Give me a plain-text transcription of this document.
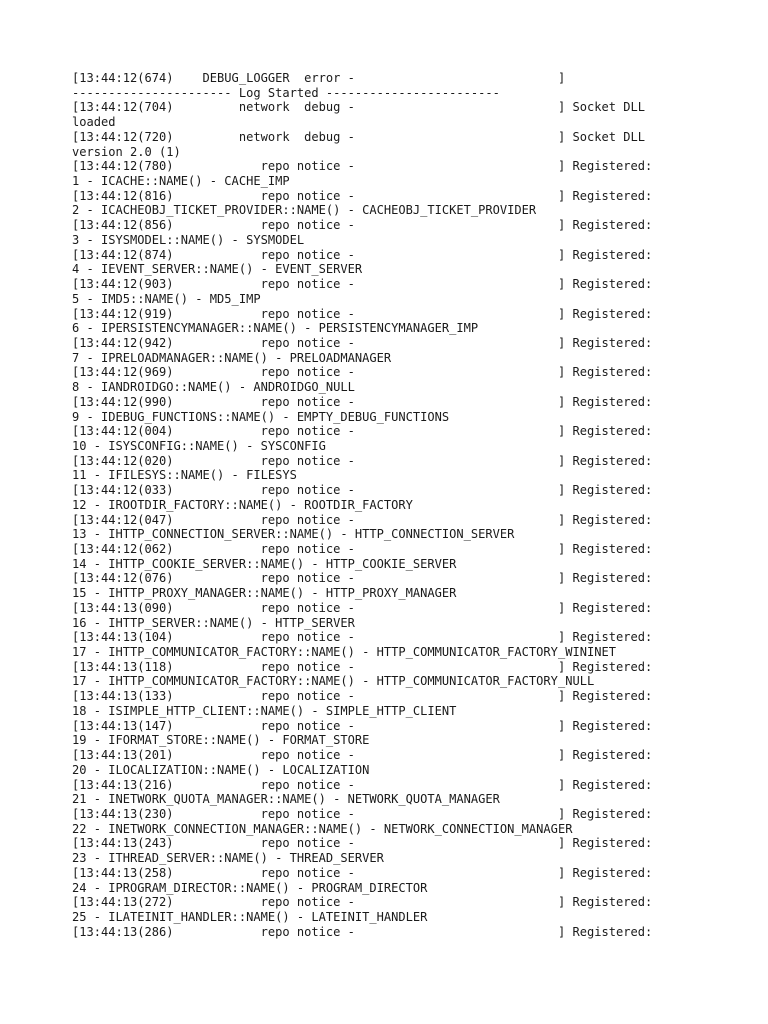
[13:44:12(674)    DEBUG_LOGGER  error -                            ]
---------------------- Log Started ------------------------
[13:44:12(704)         network  debug -                            ] Socket DLL
loaded
[13:44:12(720)         network  debug -                            ] Socket DLL
version 2.0 (1)
[13:44:12(780)            repo notice -                            ] Registered:
1 - ICACHE::NAME() - CACHE_IMP
[13:44:12(816)            repo notice -                            ] Registered:
2 - ICACHEOBJ_TICKET_PROVIDER::NAME() - CACHEOBJ_TICKET_PROVIDER
[13:44:12(856)            repo notice -                            ] Registered:
3 - ISYSMODEL::NAME() - SYSMODEL
[13:44:12(874)            repo notice -                            ] Registered:
4 - IEVENT_SERVER::NAME() - EVENT_SERVER
[13:44:12(903)            repo notice -                            ] Registered:
5 - IMD5::NAME() - MD5_IMP
[13:44:12(919)            repo notice -                            ] Registered:
6 - IPERSISTENCYMANAGER::NAME() - PERSISTENCYMANAGER_IMP
[13:44:12(942)            repo notice -                            ] Registered:
7 - IPRELOADMANAGER::NAME() - PRELOADMANAGER
[13:44:12(969)            repo notice -                            ] Registered:
8 - IANDROIDGO::NAME() - ANDROIDGO_NULL
[13:44:12(990)            repo notice -                            ] Registered:
9 - IDEBUG_FUNCTIONS::NAME() - EMPTY_DEBUG_FUNCTIONS
[13:44:12(004)            repo notice -                            ] Registered:
10 - ISYSCONFIG::NAME() - SYSCONFIG
[13:44:12(020)            repo notice -                            ] Registered:
11 - IFILESYS::NAME() - FILESYS
[13:44:12(033)            repo notice -                            ] Registered:
12 - IROOTDIR_FACTORY::NAME() - ROOTDIR_FACTORY
[13:44:12(047)            repo notice -                            ] Registered:
13 - IHTTP_CONNECTION_SERVER::NAME() - HTTP_CONNECTION_SERVER
[13:44:12(062)            repo notice -                            ] Registered:
14 - IHTTP_COOKIE_SERVER::NAME() - HTTP_COOKIE_SERVER
[13:44:12(076)            repo notice -                            ] Registered:
15 - IHTTP_PROXY_MANAGER::NAME() - HTTP_PROXY_MANAGER
[13:44:13(090)            repo notice -                            ] Registered:
16 - IHTTP_SERVER::NAME() - HTTP_SERVER
[13:44:13(104)            repo notice -                            ] Registered:
17 - IHTTP_COMMUNICATOR_FACTORY::NAME() - HTTP_COMMUNICATOR_FACTORY_WININET
[13:44:13(118)            repo notice -                            ] Registered:
17 - IHTTP_COMMUNICATOR_FACTORY::NAME() - HTTP_COMMUNICATOR_FACTORY_NULL
[13:44:13(133)            repo notice -                            ] Registered:
18 - ISIMPLE_HTTP_CLIENT::NAME() - SIMPLE_HTTP_CLIENT
[13:44:13(147)            repo notice -                            ] Registered:
19 - IFORMAT_STORE::NAME() - FORMAT_STORE
[13:44:13(201)            repo notice -                            ] Registered:
20 - ILOCALIZATION::NAME() - LOCALIZATION
[13:44:13(216)            repo notice -                            ] Registered:
21 - INETWORK_QUOTA_MANAGER::NAME() - NETWORK_QUOTA_MANAGER
[13:44:13(230)            repo notice -                            ] Registered:
22 - INETWORK_CONNECTION_MANAGER::NAME() - NETWORK_CONNECTION_MANAGER
[13:44:13(243)            repo notice -                            ] Registered:
23 - ITHREAD_SERVER::NAME() - THREAD_SERVER
[13:44:13(258)            repo notice -                            ] Registered:
24 - IPROGRAM_DIRECTOR::NAME() - PROGRAM_DIRECTOR
[13:44:13(272)            repo notice -                            ] Registered:
25 - ILATEINIT_HANDLER::NAME() - LATEINIT_HANDLER
[13:44:13(286)            repo notice -                            ] Registered:
